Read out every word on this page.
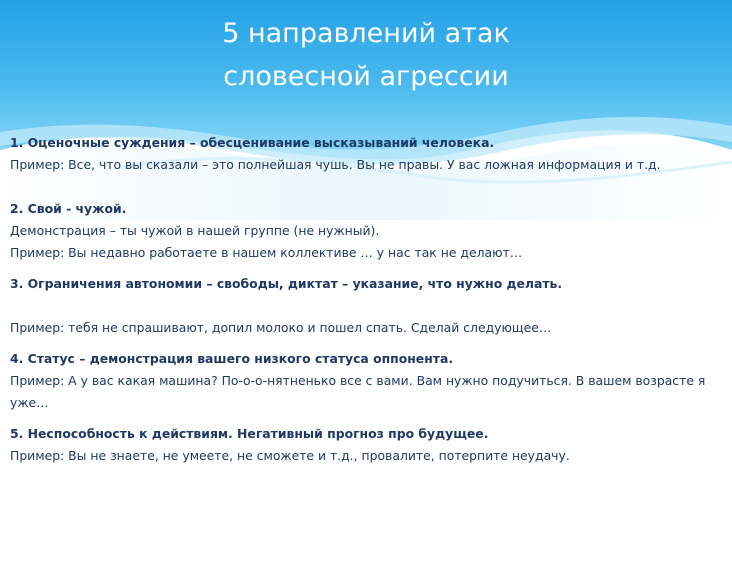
5 направлений атак
словесной агрессии
1. Оценочные суждения – обесценивание высказываний человека.
Пример: Все, что вы сказали – это полнейшая чушь. Вы не правы. У вас ложная информация и т.д.
2. Свой - чужой.
Демонстрация – ты чужой в нашей группе (не нужный).
Пример: Вы недавно работаете в нашем коллективе … у нас так не делают…
3. Ограничения автономии – свободы, диктат – указание, что нужно делать.
Пример: тебя не спрашивают, допил молоко и пошел спать. Сделай следующее…
4. Статус – демонстрация вашего низкого статуса оппонента.
Пример: А у вас какая машина? По-о-о-нятненько все с вами. Вам нужно подучиться. В вашем возрасте я уже…
5. Неспособность к действиям. Негативный прогноз про будущее.
Пример: Вы не знаете, не умеете, не сможете и т.д., провалите, потерпите неудачу.
